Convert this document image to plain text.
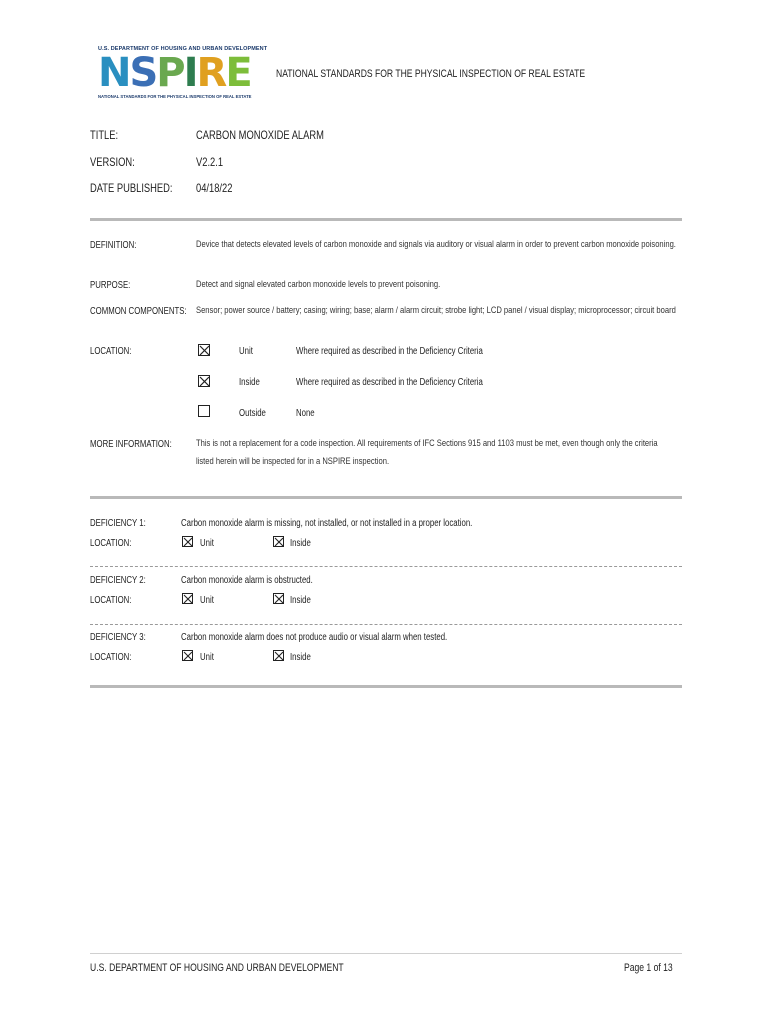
U.S. DEPARTMENT OF HOUSING AND URBAN DEVELOPMENT
N S P I R E
NATIONAL STANDARDS FOR THE PHYSICAL INSPECTION OF REAL ESTATE
NATIONAL STANDARDS FOR THE PHYSICAL INSPECTION OF REAL ESTATE
TITLE:	CARBON MONOXIDE ALARM
VERSION:	V2.2.1
DATE PUBLISHED:	04/18/22
DEFINITION:	Device that detects elevated levels of carbon monoxide and signals via auditory or visual alarm in order to prevent carbon monoxide poisoning.
PURPOSE:	Detect and signal elevated carbon monoxide levels to prevent poisoning.
COMMON COMPONENTS: Sensor; power source / battery; casing; wiring; base; alarm / alarm circuit; strobe light; LCD panel / visual display; microprocessor; circuit board
LOCATION:	Unit	Where required as described in the Deficiency Criteria
Inside	Where required as described in the Deficiency Criteria
Outside	None
MORE INFORMATION:	This is not a replacement for a code inspection. All requirements of IFC Sections 915 and 1103 must be met, even though only the criteria listed herein will be inspected for in a NSPIRE inspection.
DEFICIENCY 1:	Carbon monoxide alarm is missing, not installed, or not installed in a proper location.
LOCATION:	Unit	Inside
DEFICIENCY 2:	Carbon monoxide alarm is obstructed.
LOCATION:	Unit	Inside
DEFICIENCY 3:	Carbon monoxide alarm does not produce audio or visual alarm when tested.
LOCATION:	Unit	Inside
U.S. DEPARTMENT OF HOUSING AND URBAN DEVELOPMENT	Page 1 of 13
